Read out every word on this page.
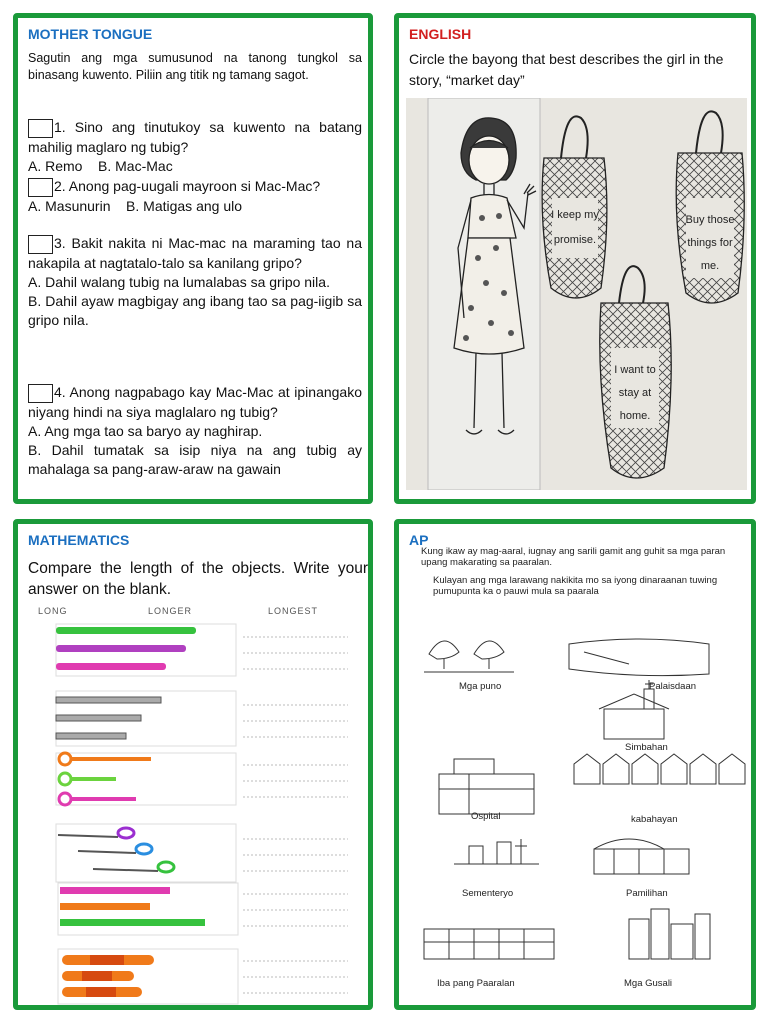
MOTHER TONGUE
Sagutin ang mga sumusunod na tanong tungkol sa binasang kuwento. Piliin ang titik ng tamang sagot.
1. Sino ang tinutukoy sa kuwento na batang mahilig maglaro ng tubig?
A. Remo    B. Mac-Mac
2. Anong pag-uugali mayroon si Mac-Mac?
A. Masunurin    B. Matigas ang ulo
3. Bakit nakita ni Mac-mac na maraming tao na nakapila at nagtatalo-talo sa kanilang gripo?
A. Dahil walang tubig na lumalabas sa gripo nila.
B. Dahil ayaw magbigay ang ibang tao sa pag-iigib sa gripo nila.
4. Anong nagpabago kay Mac-Mac at ipinangako niyang hindi na siya maglalaro ng tubig?
A. Ang mga tao sa baryo ay naghirap.
B. Dahil tumatak sa isip niya na ang tubig ay mahalaga sa pang-araw-araw na gawain
ENGLISH
Circle the bayong that best describes the girl in the story, “market day”
I keep my
promise.
Buy those
things for
me.
I want to
stay at
home.
MATHEMATICS
Compare the length of the objects. Write your answer on the blank.
LONG	LONGER	LONGEST
AP
Kung ikaw ay mag-aaral, iugnay ang sarili gamit ang guhit sa mga paran upang makarating sa paaralan.
Kulayan ang mga larawang nakikita mo sa iyong dinaraanan tuwing pumupunta ka o pauwi mula sa paarala
Mga puno	Palaisdaan
Simbahan
Ospital	kabahayan
Sementeryo	Pamilihan
Iba pang Paaralan	Mga Gusali
